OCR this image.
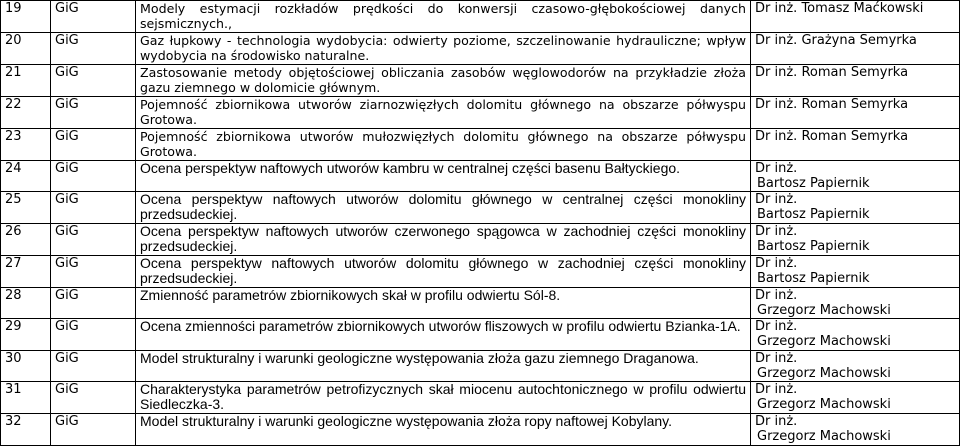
19	GiG	Modely estymacji rozkładów prędkości do konwersji czasowo-głębokościowej danych sejsmicznych.,	Dr inż. Tomasz Maćkowski
20	GiG	Gaz łupkowy - technologia wydobycia: odwierty poziome, szczelinowanie hydrauliczne; wpływ wydobycia na środowisko naturalne.	Dr inż. Grażyna Semyrka
21	GiG	Zastosowanie metody objętościowej obliczania zasobów węglowodorów na przykładzie złoża gazu ziemnego w dolomicie głównym.	Dr inż. Roman Semyrka
22	GiG	Pojemność zbiornikowa utworów ziarnozwięzłych dolomitu głównego na obszarze półwyspu Grotowa.	Dr inż. Roman Semyrka
23	GiG	Pojemność zbiornikowa utworów mułozwięzłych dolomitu głównego na obszarze półwyspu Grotowa.	Dr inż. Roman Semyrka
24	GiG	Ocena perspektyw naftowych utworów kambru w centralnej części basenu Bałtyckiego.	Dr inż.
Bartosz Papiernik

25	GiG	Ocena perspektyw naftowych utworów dolomitu głównego w centralnej części monokliny przedsudeckiej.	Dr inż.
Bartosz Papiernik

26	GiG	Ocena perspektyw naftowych utworów czerwonego spągowca w zachodniej części monokliny przedsudeckiej.	Dr inż.
Bartosz Papiernik

27	GiG	Ocena perspektyw naftowych utworów dolomitu głównego w zachodniej części monokliny przedsudeckiej.	Dr inż.
Bartosz Papiernik

28	GiG	Zmienność parametrów zbiornikowych skał w profilu odwiertu Sól-8.	Dr inż.
Grzegorz Machowski

29	GiG	Ocena zmienności parametrów zbiornikowych utworów fliszowych w profilu odwiertu Bzianka-1A.	Dr inż.
Grzegorz Machowski

30	GiG	Model strukturalny i warunki geologiczne występowania złoża gazu ziemnego Draganowa.	Dr inż.
Grzegorz Machowski

31	GiG	Charakterystyka parametrów petrofizycznych skał miocenu autochtonicznego w profilu odwiertu Siedleczka-3.	Dr inż.
Grzegorz Machowski

32	GiG	Model strukturalny i warunki geologiczne występowania złoża ropy naftowej Kobylany.	Dr inż.
Grzegorz Machowski
